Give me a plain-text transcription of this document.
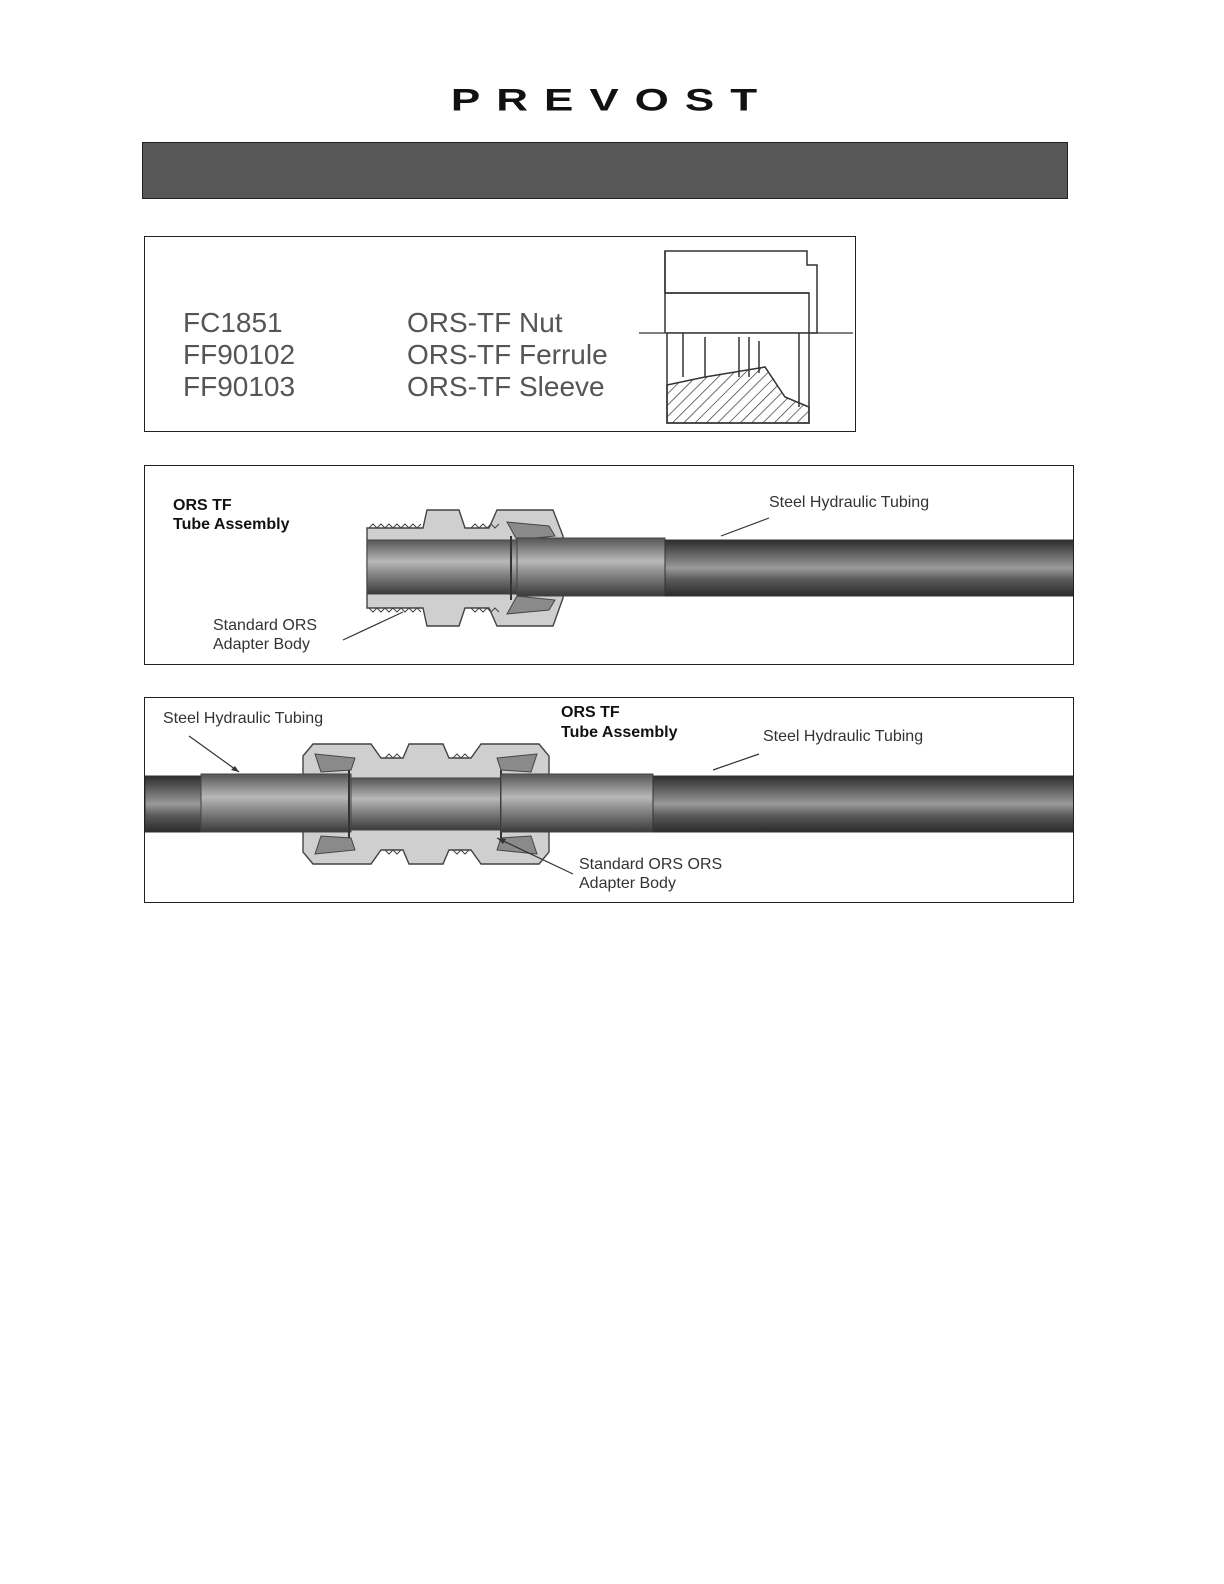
PREVOST
FC1851
FF90102
FF90103
ORS-TF Nut
ORS-TF Ferrule
ORS-TF Sleeve
ORS TF
Tube Assembly
Steel Hydraulic Tubing
Standard ORS
Adapter Body
Steel Hydraulic Tubing	ORS TF
Tube Assembly	Steel Hydraulic Tubing
Standard ORS ORS
Adapter Body
